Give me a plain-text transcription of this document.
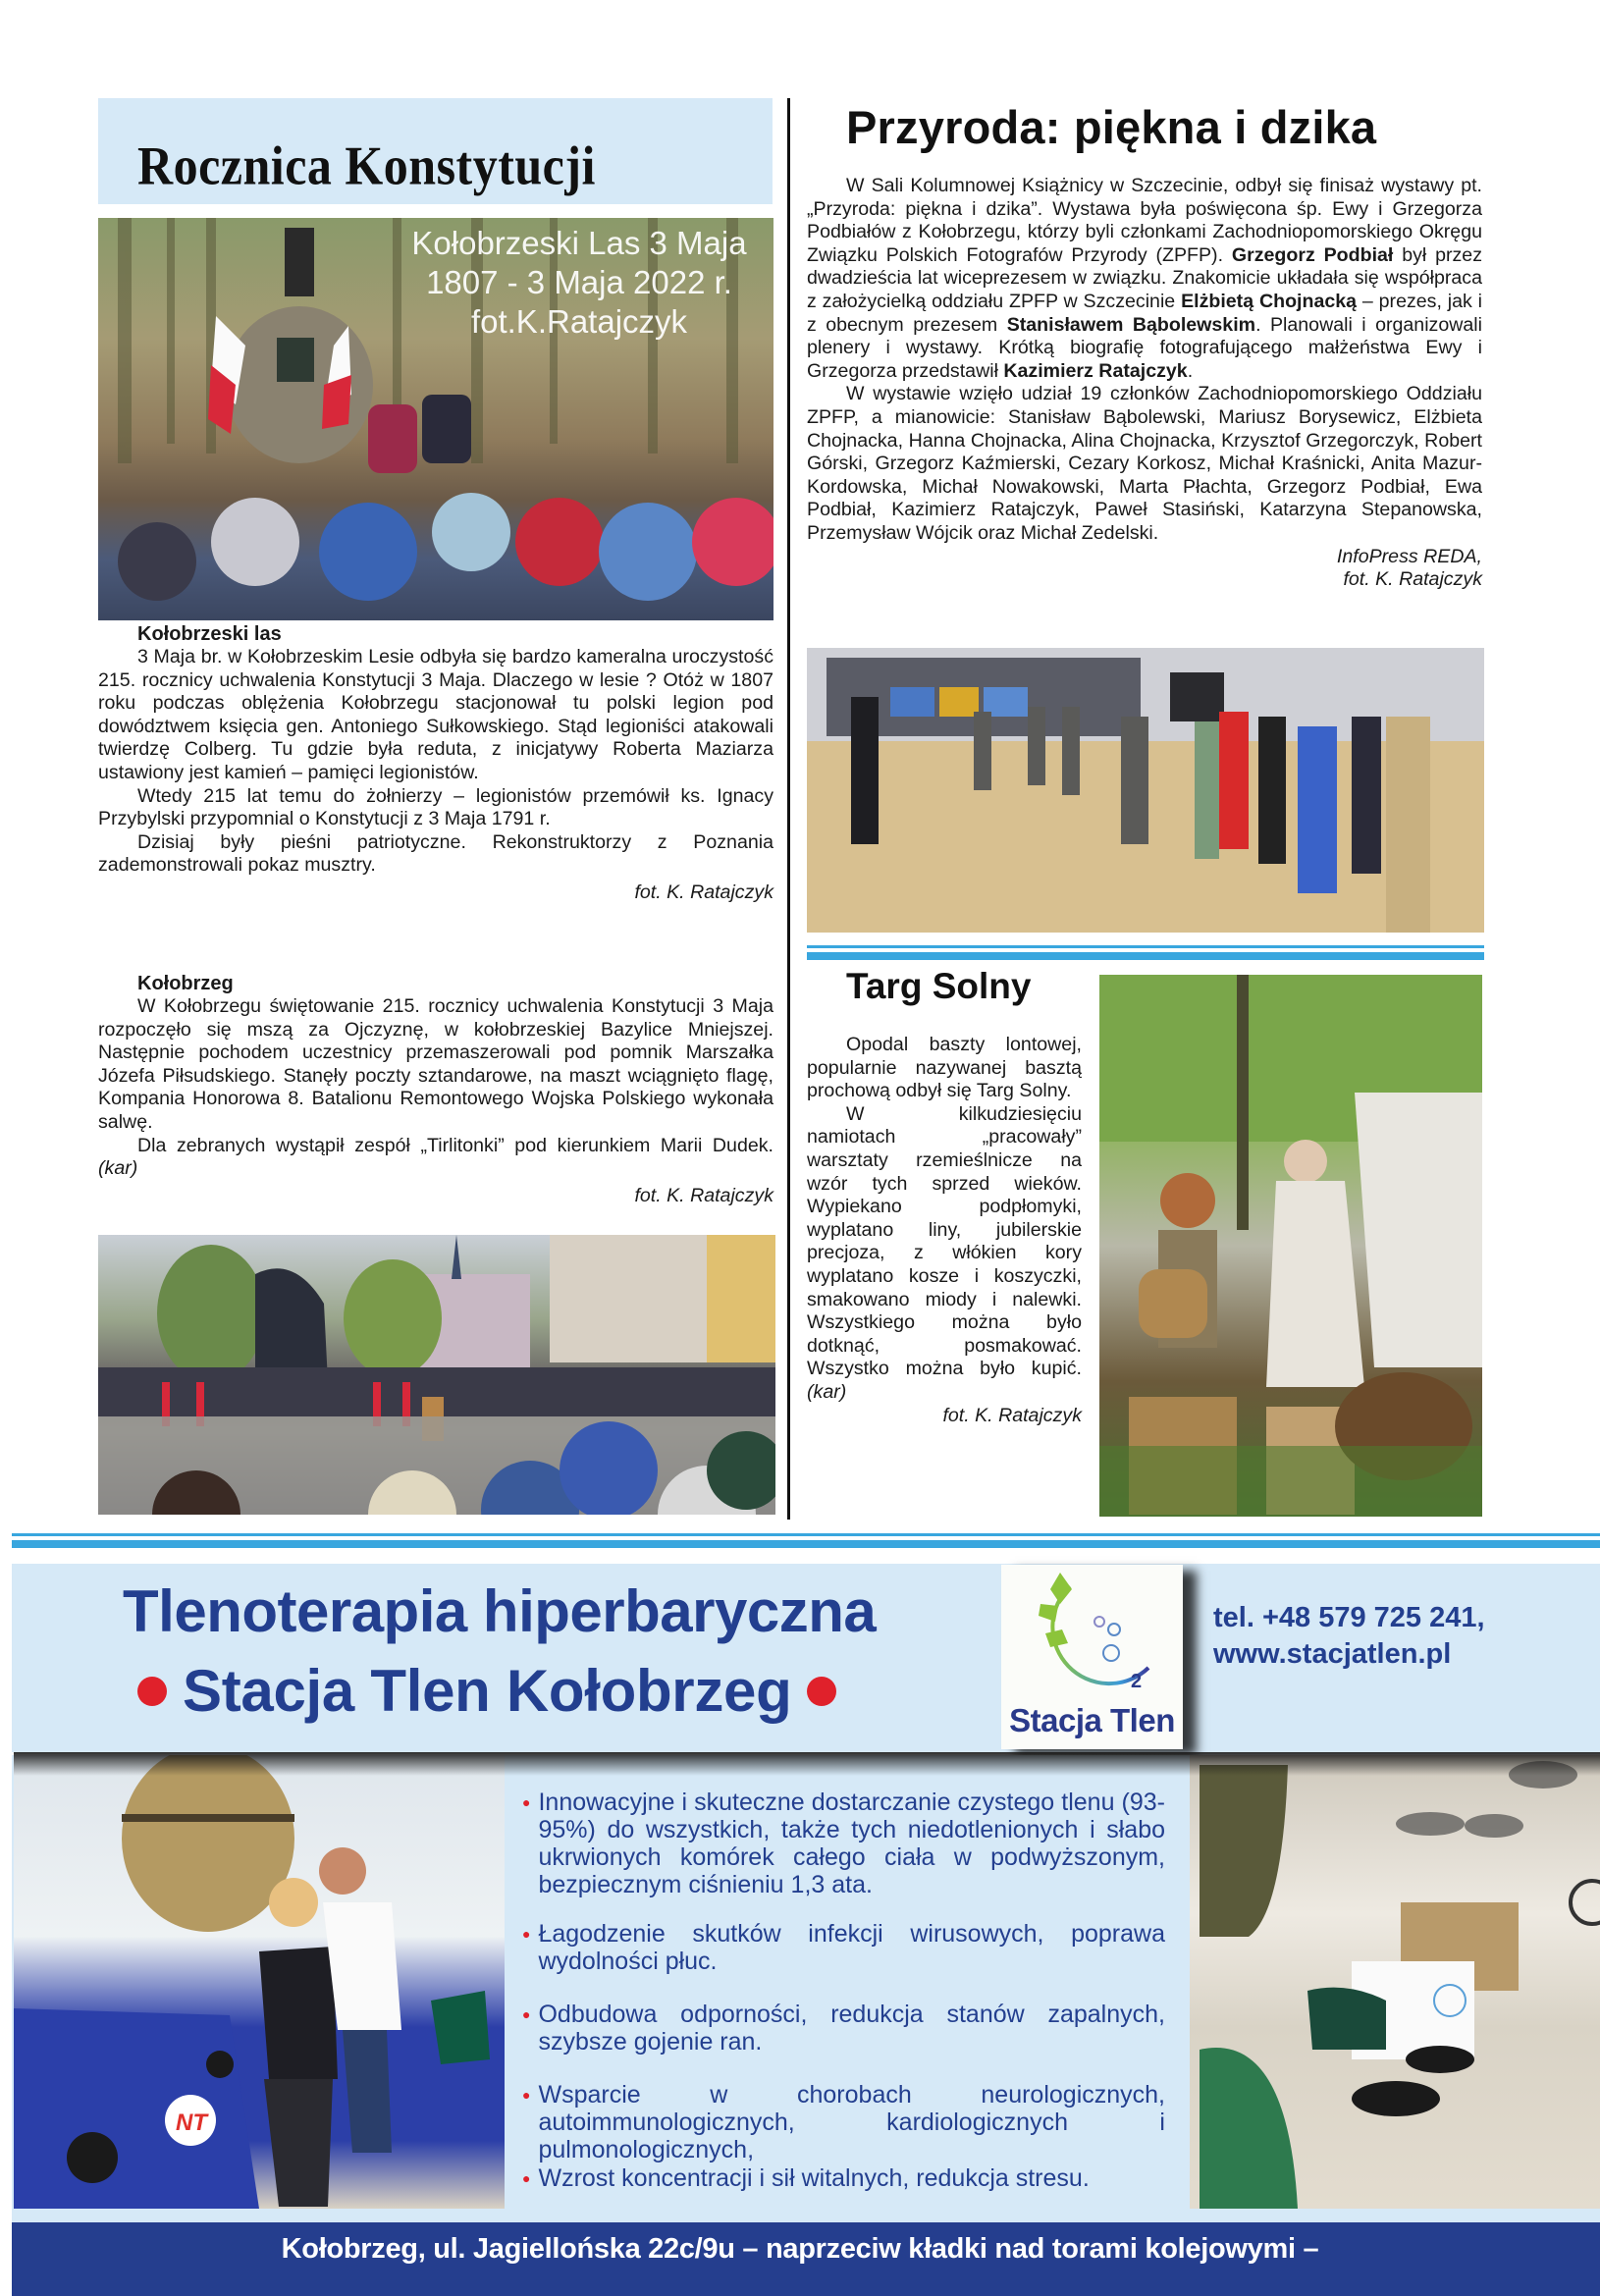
Rocznica Konstytucji
Kołobrzeski Las 3 Maja
1807 - 3 Maja 2022 r.
fot.K.Ratajczyk

Kołobrzeski las

3 Maja br. w Kołobrzeskim Lesie odbyła się bardzo kameralna uroczystość 215. rocznicy uchwalenia Konstytucji 3 Maja. Dlaczego w lesie ? Otóż w 1807 roku podczas oblężenia Kołobrzegu stacjonował tu polski legion pod dowództwem księcia gen. Antoniego Sułkowskiego. Stąd legioniści atakowali twierdzę Colberg. Tu gdzie była reduta, z inicjatywy Roberta Maziarza ustawiony jest kamień – pamięci legionistów.

Wtedy 215 lat temu do żołnierzy – legionistów przemówił ks. Ignacy Przybylski przypomnial o Konstytucji z 3 Maja 1791 r.

Dzisiaj były pieśni patriotyczne. Rekonstruktorzy z Poznania zademonstrowali pokaz musztry.

fot. K. Ratajczyk

Kołobrzeg

W Kołobrzegu świętowanie 215. rocznicy uchwalenia Konstytucji 3 Maja rozpoczęło się mszą za Ojczyznę, w kołobrzeskiej Bazylice Mniejszej. Następnie pochodem uczestnicy przemaszerowali pod pomnik Marszałka Józefa Piłsudskiego. Stanęły poczty sztandarowe, na maszt wciągnięto flagę, Kompania Honorowa 8. Batalionu Remontowego Wojska Polskiego wykonała salwę.

Dla zebranych wystąpił zespół „Tirlitonki” pod kierunkiem Marii Dudek. (kar)

fot. K. Ratajczyk

Przyroda: piękna i dzika

W Sali Kolumnowej Książnicy w Szczecinie, odbył się finisaż wystawy pt. „Przyroda: piękna i dzika”. Wystawa była poświęcona śp. Ewy i Grzegorza Podbiałów z Kołobrzegu, którzy byli członkami Zachodniopomorskiego Okręgu Związku Polskich Fotografów Przyrody (ZPFP). Grzegorz Podbiał był przez dwadzieścia lat wiceprezesem w związku. Znakomicie układała się współpraca z założycielką oddziału ZPFP w Szczecinie Elżbietą Chojnacką – prezes, jak i z obecnym prezesem Stanisławem Bąbolewskim. Planowali i organizowali plenery i wystawy. Krótką biografię fotografującego małżeństwa Ewy i Grzegorza przedstawił Kazimierz Ratajczyk.

W wystawie wzięło udział 19 członków Zachodniopomorskiego Oddziału ZPFP, a mianowicie: Stanisław Bąbolewski, Mariusz Borysewicz, Elżbieta Chojnacka, Hanna Chojnacka, Alina Chojnacka, Krzysztof Grzegorczyk, Robert Górski, Grzegorz Kaźmierski, Cezary Korkosz, Michał Kraśnicki, Anita Mazur-Kordowska, Michał Nowakowski, Marta Płachta, Grzegorz Podbiał, Ewa Podbiał, Kazimierz Ratajczyk, Paweł Stasiński, Katarzyna Stepanowska, Przemysław Wójcik oraz Michał Zedelski.

InfoPress REDA,

fot. K. Ratajczyk

Targ Solny

Opodal baszty lontowej, popularnie nazywanej basztą prochową odbył się Targ Solny.

W kilkudziesięciu namiotach „pracowały” warsztaty rzemieślnicze na wzór tych sprzed wieków. Wypiekano podpłomyki, wyplatano liny, jubilerskie precjoza, z włókien kory wyplatano kosze i koszyczki, smakowano miody i nalewki. Wszystkiego można było dotknąć, posmakować. Wszystko można było kupić. (kar)

fot. K. Ratajczyk

Tlenoterapia hiperbaryczna
Stacja Tlen Kołobrzeg	2
Stacja Tlen
tel. +48 579 725 241,
www.stacjatlen.pl
NT
● Innowacyjne i skuteczne dostarczanie czystego tlenu (93-95%) do wszystkich, także tych niedotlenionych i słabo ukrwionych komórek całego ciała w podwyższonym, bezpiecznym ciśnieniu 1,3 ata.
● Łagodzenie skutków infekcji wirusowych, poprawa wydolności płuc.
● Odbudowa odporności, redukcja stanów zapalnych, szybsze gojenie ran.
● Wsparcie w chorobach neurologicznych, autoimmunologicznych, kardiologicznych i pulmonologicznych,
● Wzrost koncentracji i sił witalnych, redukcja stresu.
Kołobrzeg, ul. Jagiellońska 22c/9u – naprzeciw kładki nad torami kolejowymi –
